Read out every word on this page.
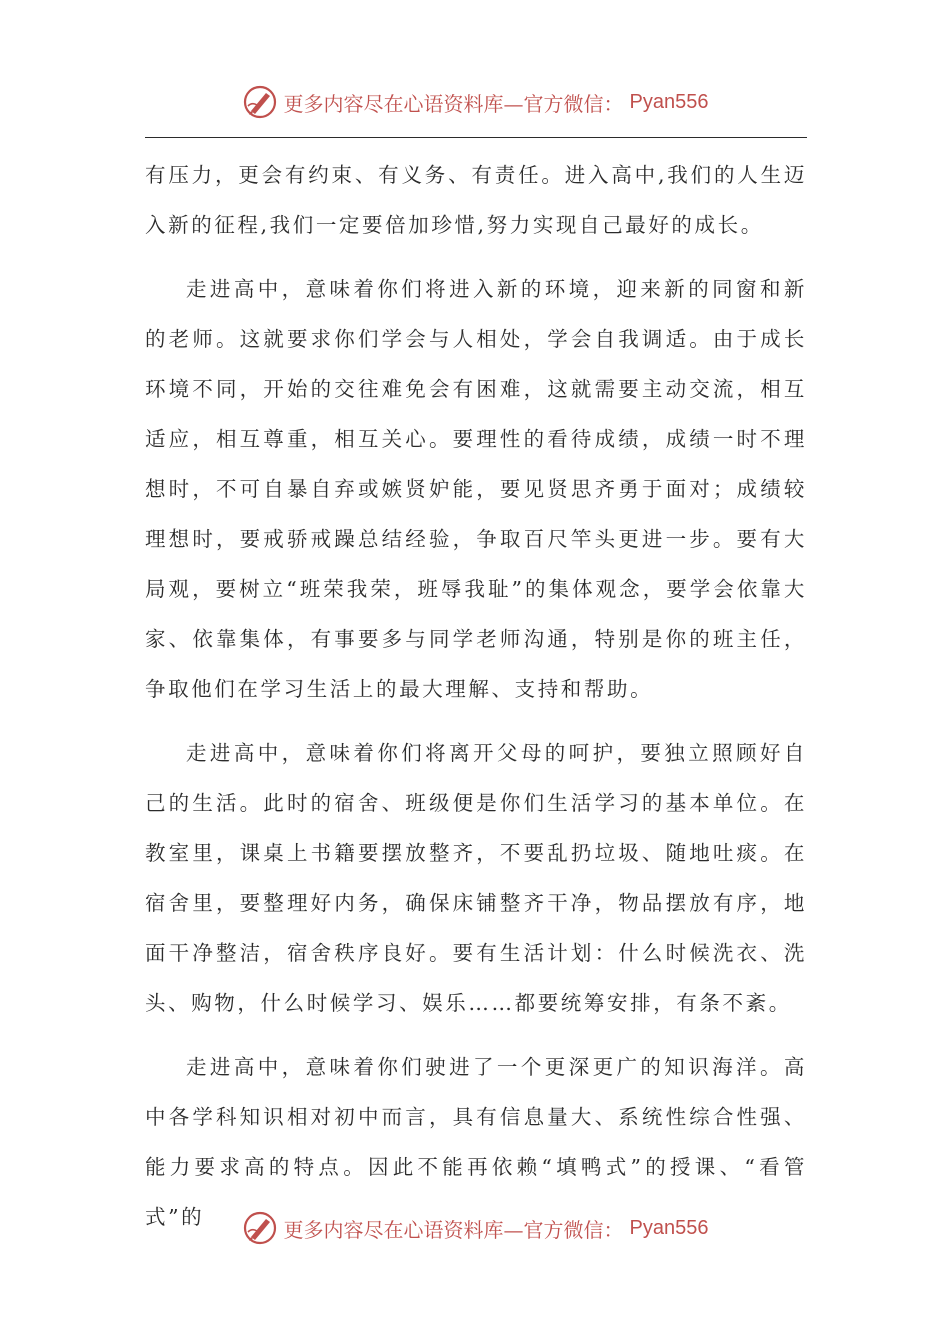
更多内容尽在心语资料库—官方微信： Pyan556

有压力，更会有约束、有义务、有责任。进入高中,我们的人生迈入新的征程,我们一定要倍加珍惜,努力实现自己最好的成长。

走进高中，意味着你们将进入新的环境，迎来新的同窗和新的老师。这就要求你们学会与人相处，学会自我调适。由于成长环境不同，开始的交往难免会有困难，这就需要主动交流，相互适应，相互尊重，相互关心。要理性的看待成绩，成绩一时不理想时，不可自暴自弃或嫉贤妒能，要见贤思齐勇于面对；成绩较理想时，要戒骄戒躁总结经验，争取百尺竿头更进一步。要有大局观，要树立“班荣我荣，班辱我耻”的集体观念，要学会依靠大家、依靠集体，有事要多与同学老师沟通，特别是你的班主任，争取他们在学习生活上的最大理解、支持和帮助。

走进高中，意味着你们将离开父母的呵护，要独立照顾好自己的生活。此时的宿舍、班级便是你们生活学习的基本单位。在教室里，课桌上书籍要摆放整齐，不要乱扔垃圾、随地吐痰。在宿舍里，要整理好内务，确保床铺整齐干净，物品摆放有序，地面干净整洁，宿舍秩序良好。要有生活计划：什么时候洗衣、洗头、购物，什么时候学习、娱乐……都要统筹安排，有条不紊。

走进高中，意味着你们驶进了一个更深更广的知识海洋。高中各学科知识相对初中而言，具有信息量大、系统性综合性强、能力要求高的特点。因此不能再依赖“填鸭式”的授课、“看管式”的

更多内容尽在心语资料库—官方微信： Pyan556
